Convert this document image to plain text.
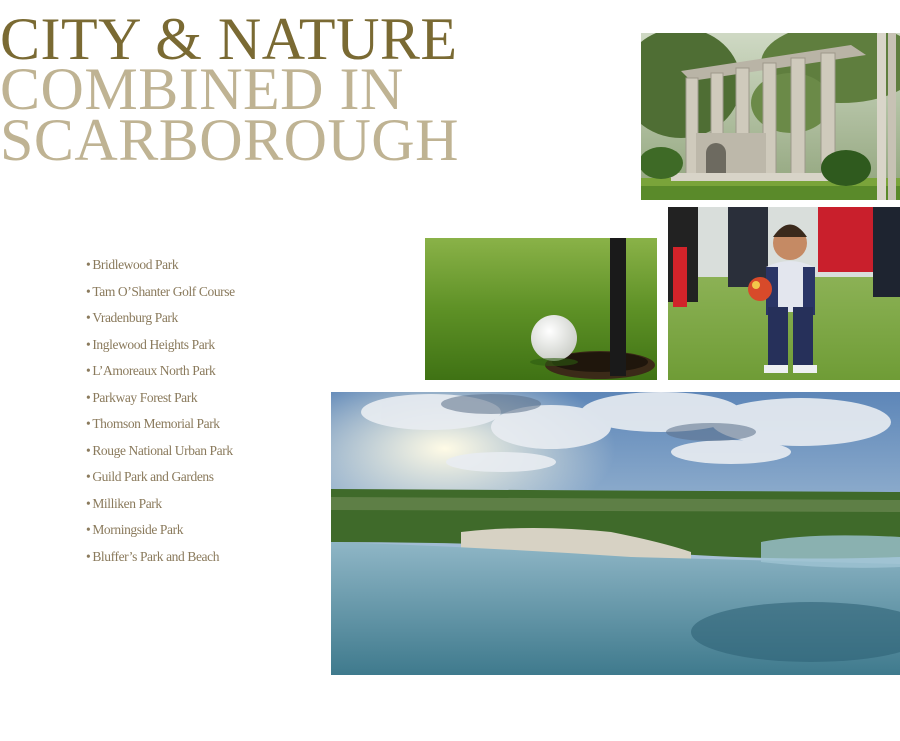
CITY & NATURE
COMBINED IN
SCARBOROUGH
• Bridlewood Park
• Tam O’Shanter Golf Course
• Vradenburg Park
• Inglewood Heights Park
• L’Amoreaux North Park
• Parkway Forest Park
• Thomson Memorial Park
• Rouge National Urban Park
• Guild Park and Gardens
• Milliken Park
• Morningside Park
• Bluffer’s Park and Beach
